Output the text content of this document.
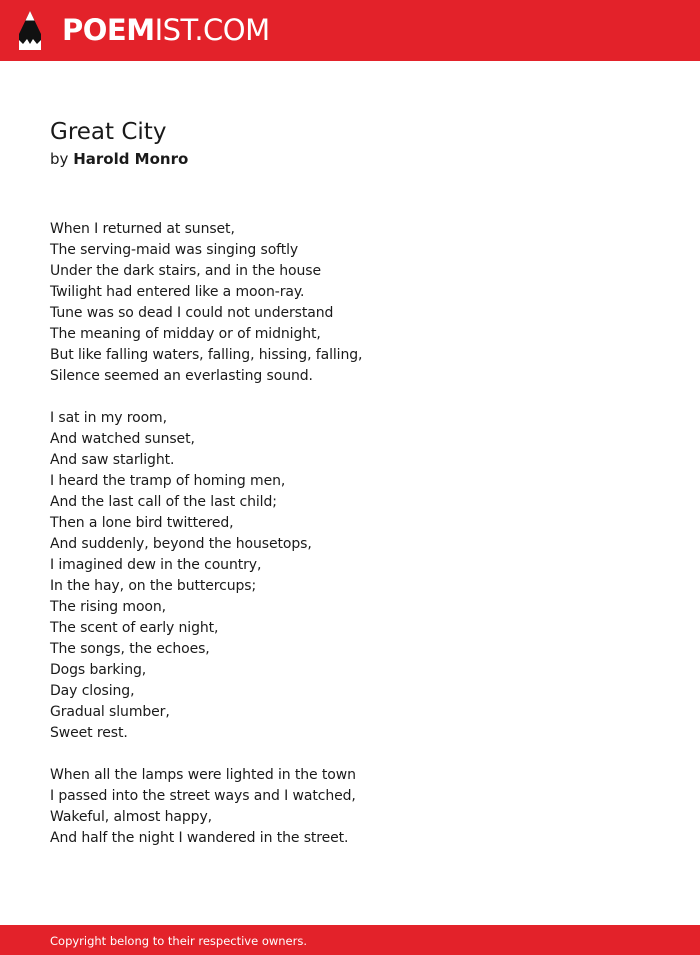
POEMIST.COM
Great City
by Harold Monro
When I returned at sunset,
The serving-maid was singing softly
Under the dark stairs, and in the house
Twilight had entered like a moon-ray.
Tune was so dead I could not understand
The meaning of midday or of midnight,
But like falling waters, falling, hissing, falling,
Silence seemed an everlasting sound.
I sat in my room,
And watched sunset,
And saw starlight.
I heard the tramp of homing men,
And the last call of the last child;
Then a lone bird twittered,
And suddenly, beyond the housetops,
I imagined dew in the country,
In the hay, on the buttercups;
The rising moon,
The scent of early night,
The songs, the echoes,
Dogs barking,
Day closing,
Gradual slumber,
Sweet rest.
When all the lamps were lighted in the town
I passed into the street ways and I watched,
Wakeful, almost happy,
And half the night I wandered in the street.
Copyright belong to their respective owners.
